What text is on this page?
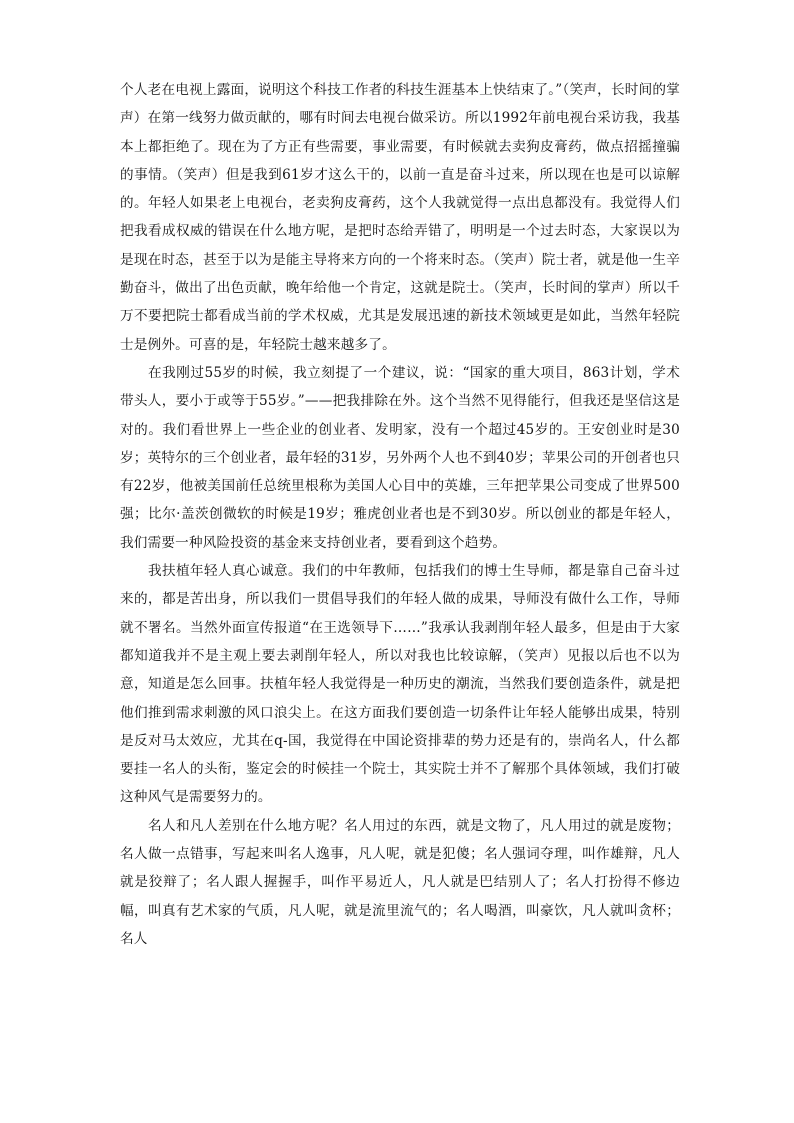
个人老在电视上露面，说明这个科技工作者的科技生涯基本上快结束了。”（笑声，长时间的掌声）在第一线努力做贡献的，哪有时间去电视台做采访。所以1992年前电视台采访我，我基本上都拒绝了。现在为了方正有些需要，事业需要，有时候就去卖狗皮膏药，做点招摇撞骗的事情。（笑声）但是我到61岁才这么干的，以前一直是奋斗过来，所以现在也是可以谅解的。年轻人如果老上电视台，老卖狗皮膏药，这个人我就觉得一点出息都没有。我觉得人们把我看成权威的错误在什么地方呢，是把时态给弄错了，明明是一个过去时态，大家误以为是现在时态，甚至于以为是能主导将来方向的一个将来时态。（笑声）院士者，就是他一生辛勤奋斗，做出了出色贡献，晚年给他一个肯定，这就是院士。（笑声，长时间的掌声）所以千万不要把院士都看成当前的学术权威，尤其是发展迅速的新技术领域更是如此，当然年轻院士是例外。可喜的是，年轻院士越来越多了。

在我刚过55岁的时候，我立刻提了一个建议，说：“国家的重大项目，863计划，学术带头人，要小于或等于55岁。”——把我排除在外。这个当然不见得能行，但我还是坚信这是对的。我们看世界上一些企业的创业者、发明家，没有一个超过45岁的。王安创业时是30岁；英特尔的三个创业者，最年轻的31岁，另外两个人也不到40岁；苹果公司的开创者也只有22岁，他被美国前任总统里根称为美国人心目中的英雄，三年把苹果公司变成了世界500强；比尔·盖茨创微软的时候是19岁；雅虎创业者也是不到30岁。所以创业的都是年轻人，我们需要一种风险投资的基金来支持创业者，要看到这个趋势。

我扶植年轻人真心诚意。我们的中年教师，包括我们的博士生导师，都是靠自己奋斗过来的，都是苦出身，所以我们一贯倡导我们的年轻人做的成果，导师没有做什么工作，导师就不署名。当然外面宣传报道“在王选领导下……”我承认我剥削年轻人最多，但是由于大家都知道我并不是主观上要去剥削年轻人，所以对我也比较谅解，（笑声）见报以后也不以为意，知道是怎么回事。扶植年轻人我觉得是一种历史的潮流，当然我们要创造条件，就是把他们推到需求刺激的风口浪尖上。在这方面我们要创造一切条件让年轻人能够出成果，特别是反对马太效应，尤其在q-国，我觉得在中国论资排辈的势力还是有的，崇尚名人，什么都要挂一名人的头衔，鉴定会的时候挂一个院士，其实院士并不了解那个具体领域，我们打破这种风气是需要努力的。

名人和凡人差别在什么地方呢？名人用过的东西，就是文物了，凡人用过的就是废物；名人做一点错事，写起来叫名人逸事，凡人呢，就是犯傻；名人强词夺理，叫作雄辩，凡人就是狡辩了；名人跟人握握手，叫作平易近人，凡人就是巴结别人了；名人打扮得不修边幅，叫真有艺术家的气质，凡人呢，就是流里流气的；名人喝酒，叫豪饮，凡人就叫贪杯；名人
